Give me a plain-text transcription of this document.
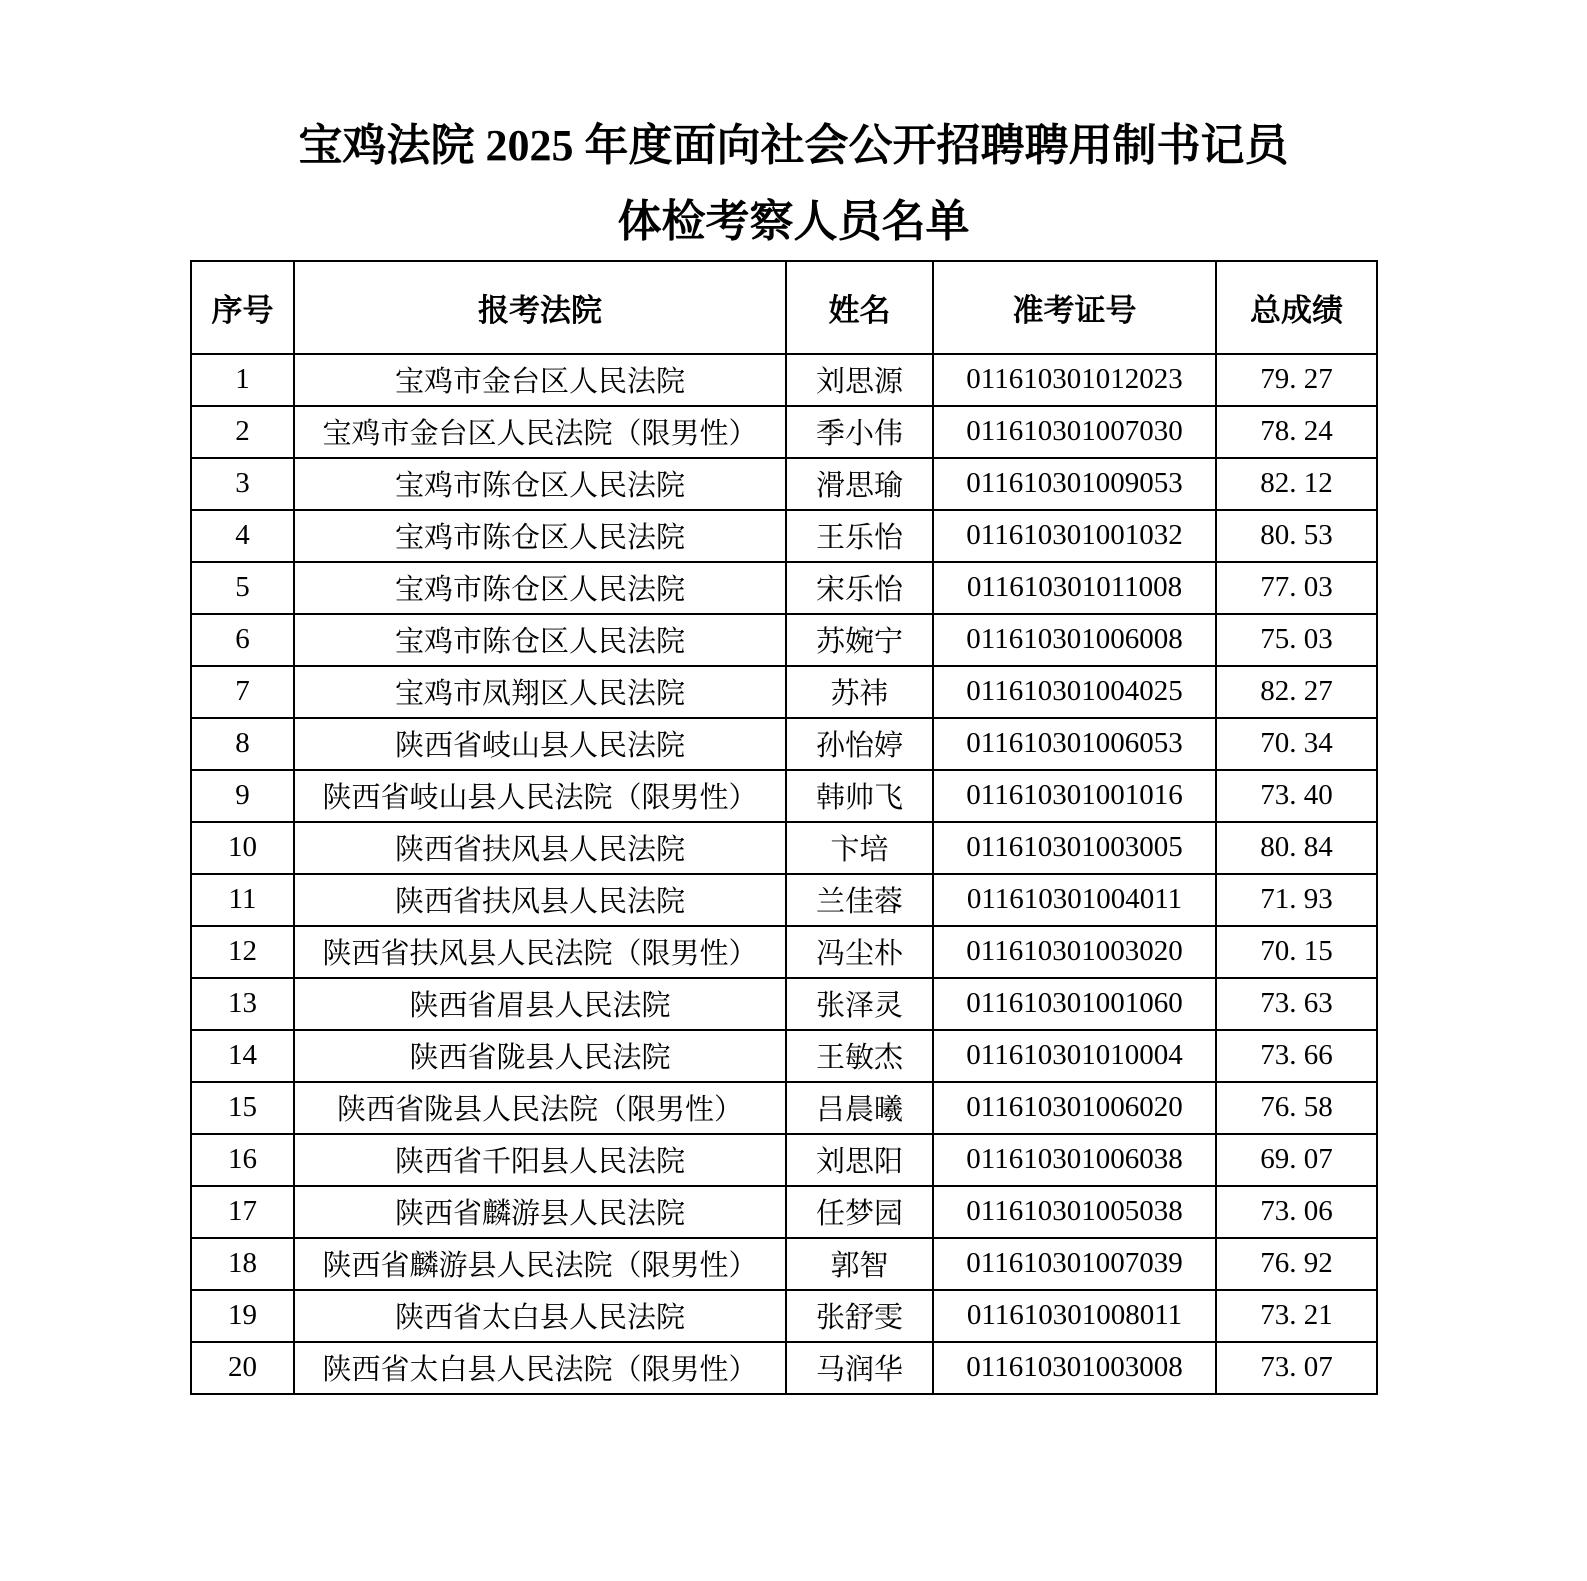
宝鸡法院 2025 年度面向社会公开招聘聘用制书记员
体检考察人员名单
序号	报考法院	姓名	准考证号	总成绩
1	宝鸡市金台区人民法院	刘思源	011610301012023	79. 27
2	宝鸡市金台区人民法院（限男性）	季小伟	011610301007030	78. 24
3	宝鸡市陈仓区人民法院	滑思瑜	011610301009053	82. 12
4	宝鸡市陈仓区人民法院	王乐怡	011610301001032	80. 53
5	宝鸡市陈仓区人民法院	宋乐怡	011610301011008	77. 03
6	宝鸡市陈仓区人民法院	苏婉宁	011610301006008	75. 03
7	宝鸡市凤翔区人民法院	苏祎	011610301004025	82. 27
8	陕西省岐山县人民法院	孙怡婷	011610301006053	70. 34
9	陕西省岐山县人民法院（限男性）	韩帅飞	011610301001016	73. 40
10	陕西省扶风县人民法院	卞培	011610301003005	80. 84
11	陕西省扶风县人民法院	兰佳蓉	011610301004011	71. 93
12	陕西省扶风县人民法院（限男性）	冯尘朴	011610301003020	70. 15
13	陕西省眉县人民法院	张泽灵	011610301001060	73. 63
14	陕西省陇县人民法院	王敏杰	011610301010004	73. 66
15	陕西省陇县人民法院（限男性）	吕晨曦	011610301006020	76. 58
16	陕西省千阳县人民法院	刘思阳	011610301006038	69. 07
17	陕西省麟游县人民法院	任梦园	011610301005038	73. 06
18	陕西省麟游县人民法院（限男性）	郭智	011610301007039	76. 92
19	陕西省太白县人民法院	张舒雯	011610301008011	73. 21
20	陕西省太白县人民法院（限男性）	马润华	011610301003008	73. 07
